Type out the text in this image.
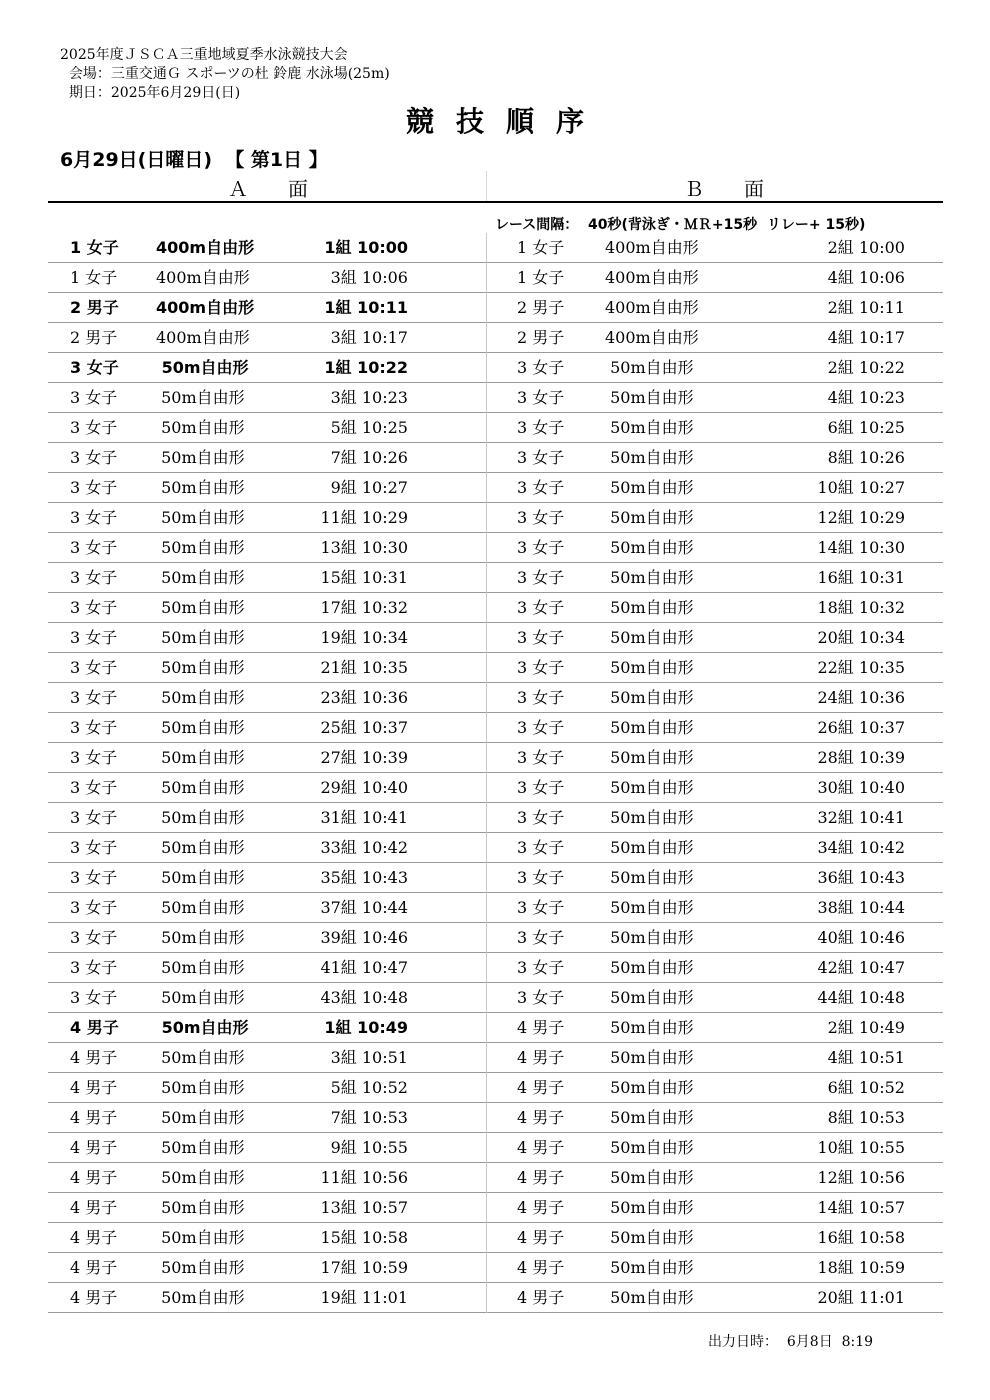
2025年度ＪＳＣＡ三重地域夏季水泳競技大会
会場：三重交通Ｇ スポーツの杜 鈴鹿 水泳場(25m)
期日：2025年6月29日(日)
競技順序
6月29日(日曜日)  【 第1日 】
Ａ面	Ｂ面
レース間隔：  40秒(背泳ぎ・ＭＲ+15秒  リレー+ 15秒)
1 女子 400m自由形	1組 10:00	1 女子	400m自由形	2組 10:00
1 女子 400m自由形	3組 10:06	1 女子	400m自由形	4組 10:06
2 男子 400m自由形	1組 10:11	2 男子	400m自由形	2組 10:11
2 男子 400m自由形	3組 10:17	2 男子	400m自由形	4組 10:17
3 女子 50m自由形	1組 10:22	3 女子	50m自由形	2組 10:22
3 女子 50m自由形	3組 10:23	3 女子	50m自由形	4組 10:23
3 女子 50m自由形	5組 10:25	3 女子	50m自由形	6組 10:25
3 女子 50m自由形	7組 10:26	3 女子	50m自由形	8組 10:26
3 女子 50m自由形	9組 10:27	3 女子	50m自由形	10組 10:27
3 女子 50m自由形	11組 10:29	3 女子	50m自由形	12組 10:29
3 女子 50m自由形	13組 10:30	3 女子	50m自由形	14組 10:30
3 女子 50m自由形	15組 10:31	3 女子	50m自由形	16組 10:31
3 女子 50m自由形	17組 10:32	3 女子	50m自由形	18組 10:32
3 女子 50m自由形	19組 10:34	3 女子	50m自由形	20組 10:34
3 女子 50m自由形	21組 10:35	3 女子	50m自由形	22組 10:35
3 女子 50m自由形	23組 10:36	3 女子	50m自由形	24組 10:36
3 女子 50m自由形	25組 10:37	3 女子	50m自由形	26組 10:37
3 女子 50m自由形	27組 10:39	3 女子	50m自由形	28組 10:39
3 女子 50m自由形	29組 10:40	3 女子	50m自由形	30組 10:40
3 女子 50m自由形	31組 10:41	3 女子	50m自由形	32組 10:41
3 女子 50m自由形	33組 10:42	3 女子	50m自由形	34組 10:42
3 女子 50m自由形	35組 10:43	3 女子	50m自由形	36組 10:43
3 女子 50m自由形	37組 10:44	3 女子	50m自由形	38組 10:44
3 女子 50m自由形	39組 10:46	3 女子	50m自由形	40組 10:46
3 女子 50m自由形	41組 10:47	3 女子	50m自由形	42組 10:47
3 女子 50m自由形	43組 10:48	3 女子	50m自由形	44組 10:48
4 男子 50m自由形	1組 10:49	4 男子	50m自由形	2組 10:49
4 男子 50m自由形	3組 10:51	4 男子	50m自由形	4組 10:51
4 男子 50m自由形	5組 10:52	4 男子	50m自由形	6組 10:52
4 男子 50m自由形	7組 10:53	4 男子	50m自由形	8組 10:53
4 男子 50m自由形	9組 10:55	4 男子	50m自由形	10組 10:55
4 男子 50m自由形	11組 10:56	4 男子	50m自由形	12組 10:56
4 男子 50m自由形	13組 10:57	4 男子	50m自由形	14組 10:57
4 男子 50m自由形	15組 10:58	4 男子	50m自由形	16組 10:58
4 男子 50m自由形	17組 10:59	4 男子	50m自由形	18組 10:59
4 男子 50m自由形	19組 11:01	4 男子	50m自由形	20組 11:01
出力日時：  6月8日  8:19
